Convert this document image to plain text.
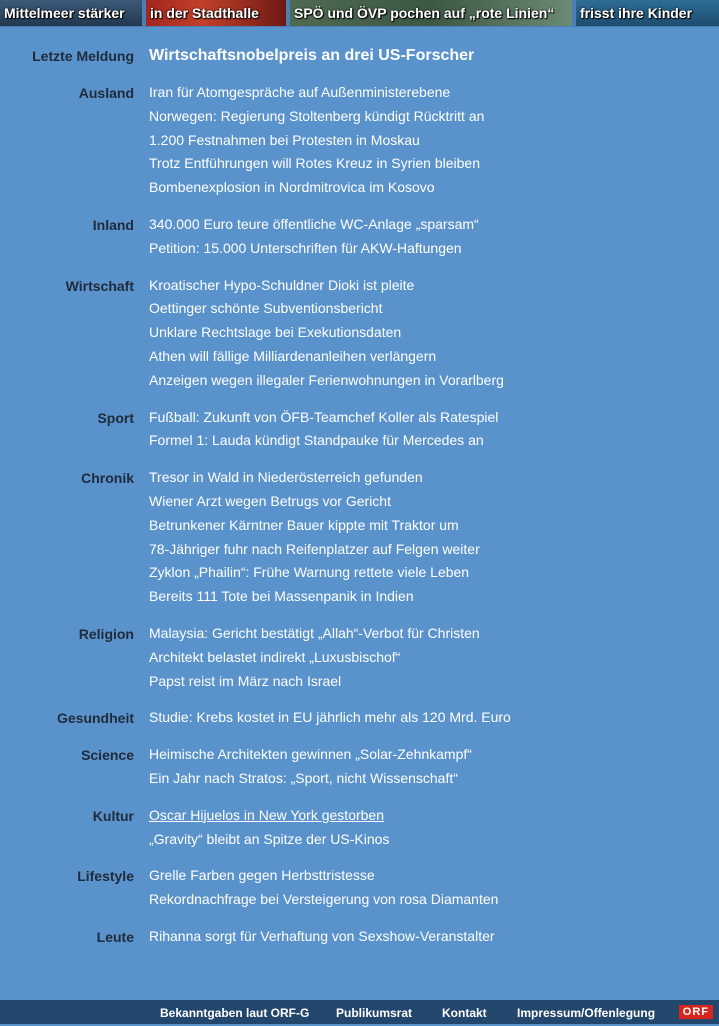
Mittelmeer stärker	in der Stadthalle	SPÖ und ÖVP pochen auf „rote Linien“	frisst ihre Kinder
Letzte Meldung Wirtschaftsnobelpreis an drei US-Forscher
Ausland Iran für Atomgespräche auf Außenministerebene
Norwegen: Regierung Stoltenberg kündigt Rücktritt an
1.200 Festnahmen bei Protesten in Moskau
Trotz Entführungen will Rotes Kreuz in Syrien bleiben
Bombenexplosion in Nordmitrovica im Kosovo
Inland 340.000 Euro teure öffentliche WC-Anlage „sparsam“
Petition: 15.000 Unterschriften für AKW-Haftungen
Wirtschaft Kroatischer Hypo-Schuldner Dioki ist pleite
Oettinger schönte Subventionsbericht
Unklare Rechtslage bei Exekutionsdaten
Athen will fällige Milliardenanleihen verlängern
Anzeigen wegen illegaler Ferienwohnungen in Vorarlberg
Sport Fußball: Zukunft von ÖFB-Teamchef Koller als Ratespiel
Formel 1: Lauda kündigt Standpauke für Mercedes an
Chronik Tresor in Wald in Niederösterreich gefunden
Wiener Arzt wegen Betrugs vor Gericht
Betrunkener Kärntner Bauer kippte mit Traktor um
78-Jähriger fuhr nach Reifenplatzer auf Felgen weiter
Zyklon „Phailin“: Frühe Warnung rettete viele Leben
Bereits 111 Tote bei Massenpanik in Indien
Religion Malaysia: Gericht bestätigt „Allah“-Verbot für Christen
Architekt belastet indirekt „Luxusbischof“
Papst reist im März nach Israel
Gesundheit Studie: Krebs kostet in EU jährlich mehr als 120 Mrd. Euro
Science Heimische Architekten gewinnen „Solar-Zehnkampf“
Ein Jahr nach Stratos: „Sport, nicht Wissenschaft“
Kultur Oscar Hijuelos in New York gestorben
„Gravity“ bleibt an Spitze der US-Kinos
Lifestyle Grelle Farben gegen Herbsttristesse
Rekordnachfrage bei Versteigerung von rosa Diamanten
Leute Rihanna sorgt für Verhaftung von Sexshow-Veranstalter
Bekanntgaben laut ORF-G Publikumsrat Kontakt	Impressum/Offenlegung	ORF
